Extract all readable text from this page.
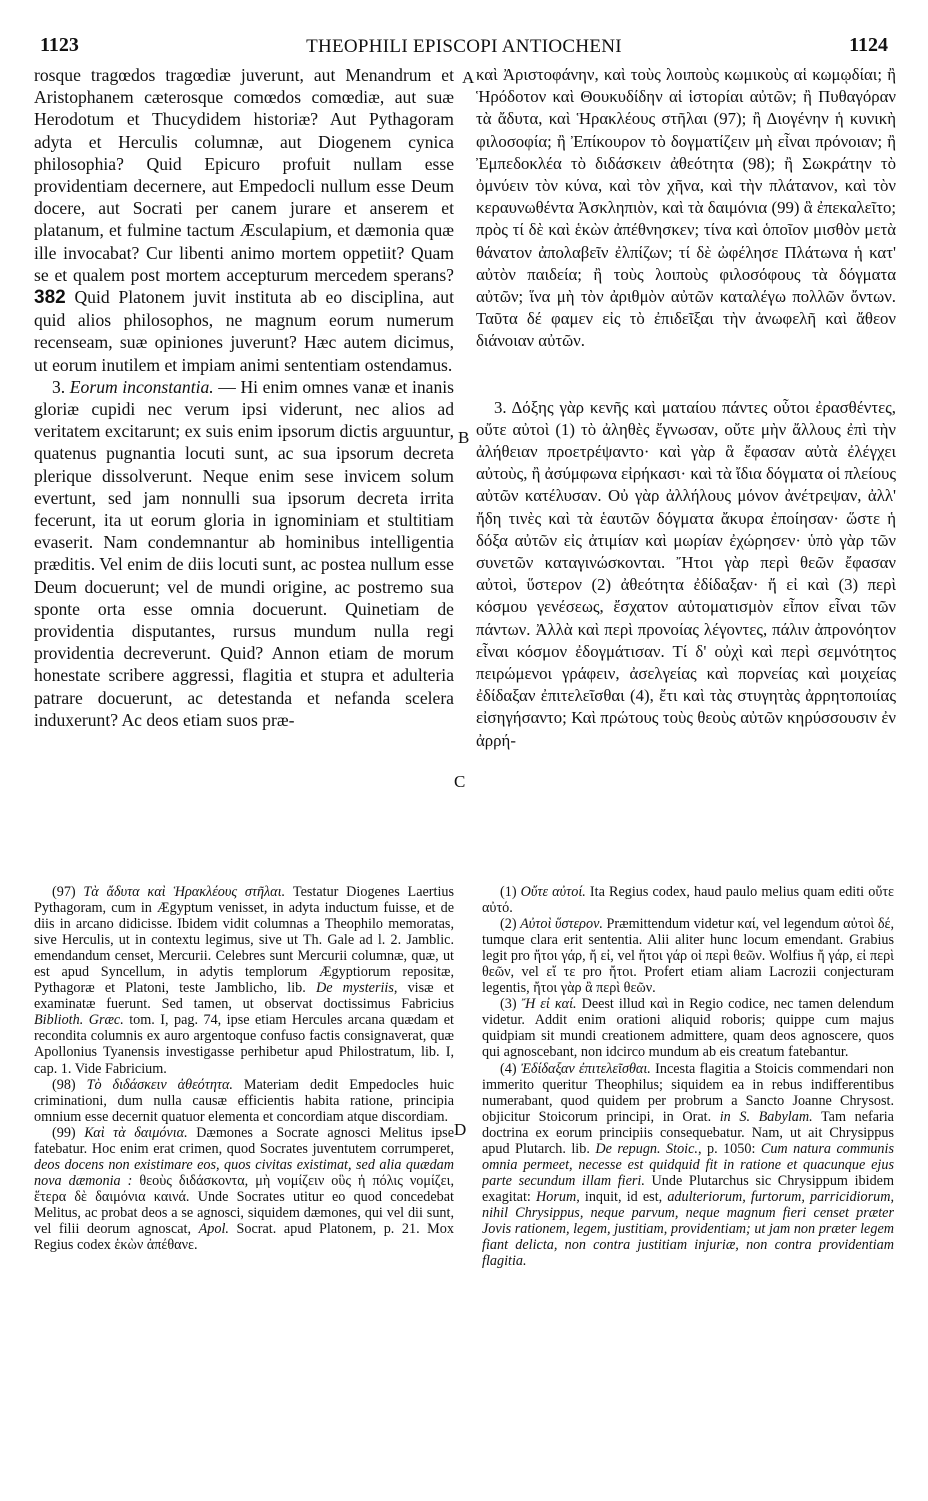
1123	THEOPHILI EPISCOPI ANTIOCHENI	1124
A
B
C
D

rosque tragœdos tragœdiæ juverunt, aut Menandrum et Aristophanem cæterosque comœdos comœdiæ, aut suæ Herodotum et Thucydidem historiæ? Aut Pythagoram adyta et Herculis columnæ, aut Diogenem cynica philosophia? Quid Epicuro profuit nullam esse providentiam decernere, aut Empedocli nullum esse Deum docere, aut Socrati per canem jurare et anserem et platanum, et fulmine tactum Æsculapium, et dæmonia quæ ille invocabat? Cur libenti animo mortem oppetiit? Quam se et qualem post mortem accepturum mercedem sperans? 382 Quid Platonem juvit instituta ab eo disciplina, aut quid alios philosophos, ne magnum eorum numerum recenseam, suæ opiniones juverunt? Hæc autem dicimus, ut eorum inutilem et impiam animi sententiam ostendamus.

3. Eorum inconstantia. — Hi enim omnes vanæ et inanis gloriæ cupidi nec verum ipsi viderunt, nec alios ad veritatem excitarunt; ex suis enim ipsorum dictis arguuntur, quatenus pugnantia locuti sunt, ac sua ipsorum decreta plerique dissolverunt. Neque enim sese invicem solum evertunt, sed jam nonnulli sua ipsorum decreta irrita fecerunt, ita ut eorum gloria in ignominiam et stultitiam evaserit. Nam condemnantur ab hominibus intelligentia præditis. Vel enim de diis locuti sunt, ac postea nullum esse Deum docuerunt; vel de mundi origine, ac postremo sua sponte orta esse omnia docuerunt. Quinetiam de providentia disputantes, rursus mundum nulla regi providentia decreverunt. Quid? Annon etiam de morum honestate scribere aggressi, flagitia et stupra et adulteria patrare docuerunt, ac detestanda et nefanda scelera induxerunt? Ac deos etiam suos præ-

καὶ Ἀριστοφάνην, καὶ τοὺς λοιποὺς κωμικοὺς αἱ κωμῳδίαι; ἢ Ἡρόδοτον καὶ Θουκυδίδην αἱ ἱστορίαι αὐτῶν; ἢ Πυθαγόραν τὰ ἄδυτα, καὶ Ἡρακλέους στῆλαι (97); ἢ Διογένην ἡ κυνικὴ φιλοσοφία; ἢ Ἐπίκουρον τὸ δογματίζειν μὴ εἶναι πρόνοιαν; ἢ Ἐμπεδοκλέα τὸ διδάσκειν ἀθεότητα (98); ἢ Σωκράτην τὸ ὀμνύειν τὸν κύνα, καὶ τὸν χῆνα, καὶ τὴν πλάτανον, καὶ τὸν κεραυνωθέντα Ἀσκληπιὸν, καὶ τὰ δαιμόνια (99) ἃ ἐπεκαλεῖτο; πρὸς τί δὲ καὶ ἑκὼν ἀπέθνησκεν; τίνα καὶ ὁποῖον μισθὸν μετὰ θάνατον ἀπολαβεῖν ἐλπίζων; τί δὲ ὠφέλησε Πλάτωνα ἡ κατ' αὐτὸν παιδεία; ἢ τοὺς λοιποὺς φιλοσόφους τὰ δόγματα αὐτῶν; ἵνα μὴ τὸν ἀριθμὸν αὐτῶν καταλέγω πολλῶν ὄντων. Ταῦτα δέ φαμεν εἰς τὸ ἐπιδεῖξαι τὴν ἀνωφελῆ καὶ ἄθεον διάνοιαν αὐτῶν.

3. Δόξης γὰρ κενῆς καὶ ματαίου πάντες οὗτοι ἐρασθέντες, οὔτε αὐτοὶ (1) τὸ ἀληθὲς ἔγνωσαν, οὔτε μὴν ἄλλους ἐπὶ τὴν ἀλήθειαν προετρέψαντο· καὶ γὰρ ἃ ἔφασαν αὐτὰ ἐλέγχει αὐτοὺς, ἢ ἀσύμφωνα εἰρήκασι· καὶ τὰ ἴδια δόγματα οἱ πλείους αὐτῶν κατέλυσαν. Οὐ γὰρ ἀλλήλους μόνον ἀνέτρεψαν, ἀλλ' ἤδη τινὲς καὶ τὰ ἑαυτῶν δόγματα ἄκυρα ἐποίησαν· ὥστε ἡ δόξα αὐτῶν εἰς ἀτιμίαν καὶ μωρίαν ἐχώρησεν· ὑπὸ γὰρ τῶν συνετῶν καταγινώσκονται. Ἤτοι γὰρ περὶ θεῶν ἔφασαν αὐτοὶ, ὕστερον (2) ἀθεότητα ἐδίδαξαν· ἤ εἰ καὶ (3) περὶ κόσμου γενέσεως, ἔσχατον αὐτοματισμὸν εἶπον εἶναι τῶν πάντων. Ἀλλὰ καὶ περὶ προνοίας λέγοντες, πάλιν ἀπρονόητον εἶναι κόσμον ἐδογμάτισαν. Τί δ' οὐχὶ καὶ περὶ σεμνότητος πειρώμενοι γράφειν, ἀσελγείας καὶ πορνείας καὶ μοιχείας ἐδίδαξαν ἐπιτελεῖσθαι (4), ἔτι καὶ τὰς στυγητὰς ἀρρητοποιίας εἰσηγήσαντο; Καὶ πρώτους τοὺς θεοὺς αὐτῶν κηρύσσουσιν ἐν ἀρρή-

(97) Τὰ ἄδυτα καὶ Ἡρακλέους στῆλαι. Testatur Diogenes Laertius Pythagoram, cum in Ægyptum venisset, in adyta inductum fuisse, et de diis in arcano didicisse. Ibidem vidit columnas a Theophilo memoratas, sive Herculis, ut in contextu legimus, sive ut Th. Gale ad l. 2. Jamblic. emendandum censet, Mercurii. Celebres sunt Mercurii columnæ, quæ, ut est apud Syncellum, in adytis templorum Ægyptiorum repositæ, Pythagoræ et Platoni, teste Jamblicho, lib. De mysteriis, visæ et examinatæ fuerunt. Sed tamen, ut observat doctissimus Fabricius Biblioth. Græc. tom. I, pag. 74, ipse etiam Hercules arcana quædam et recondita columnis ex auro argentoque confuso factis consignaverat, quæ Apollonius Tyanensis investigasse perhibetur apud Philostratum, lib. I, cap. 1. Vide Fabricium.

(98) Τὸ διδάσκειν ἀθεότητα. Materiam dedit Empedocles huic criminationi, dum nulla causæ efficientis habita ratione, principia omnium esse decernit quatuor elementa et concordiam atque discordiam.

(99) Καὶ τὰ δαιμόνια. Dæmones a Socrate agnosci Melitus ipse fatebatur. Hoc enim erat crimen, quod Socrates juventutem corrumperet, deos docens non existimare eos, quos civitas existimat, sed alia quædam nova dæmonia : θεοὺς διδάσκοντα, μὴ νομίζειν οὓς ἡ πόλις νομίζει, ἕτερα δὲ δαιμόνια καινά. Unde Socrates utitur eo quod concedebat Melitus, ac probat deos a se agnosci, siquidem dæmones, qui vel dii sunt, vel filii deorum agnoscat, Apol. Socrat. apud Platonem, p. 21. Mox Regius codex ἑκὼν ἀπέθανε.

(1) Οὔτε αὐτοί. Ita Regius codex, haud paulo melius quam editi οὔτε αὐτό.

(2) Αὐτοὶ ὕστερον. Præmittendum videtur καί, vel legendum αὐτοὶ δέ, tumque clara erit sententia. Alii aliter hunc locum emendant. Grabius legit pro ἤτοι γάρ, ἤ εἰ, vel ἤτοι γάρ οἱ περὶ θεῶν. Wolfius ἤ γάρ, εἰ περὶ θεῶν, vel εἴ τε pro ἤτοι. Profert etiam aliam Lacrozii conjecturam legentis, ἤτοι γὰρ ἃ περὶ θεῶν.

(3) Ἤ εἰ καί. Deest illud καὶ in Regio codice, nec tamen delendum videtur. Addit enim orationi aliquid roboris; quippe cum majus quidpiam sit mundi creationem admittere, quam deos agnoscere, quos qui agnoscebant, non idcirco mundum ab eis creatum fatebantur.

(4) Ἐδίδαξαν ἐπιτελεῖσθαι. Incesta flagitia a Stoicis commendari non immerito queritur Theophilus; siquidem ea in rebus indifferentibus numerabant, quod quidem per probrum a Sancto Joanne Chrysost. objicitur Stoicorum principi, in Orat. in S. Babylam. Tam nefaria doctrina ex eorum principiis consequebatur. Nam, ut ait Chrysippus apud Plutarch. lib. De repugn. Stoic., p. 1050: Cum natura communis omnia permeet, necesse est quidquid fit in ratione et quacunque ejus parte secundum illam fieri. Unde Plutarchus sic Chrysippum ibidem exagitat: Horum, inquit, id est, adulteriorum, furtorum, parricidiorum, nihil Chrysippus, neque parvum, neque magnum fieri censet præter Jovis rationem, legem, justitiam, providentiam; ut jam non præter legem fiant delicta, non contra justitiam injuriæ, non contra providentiam flagitia.
